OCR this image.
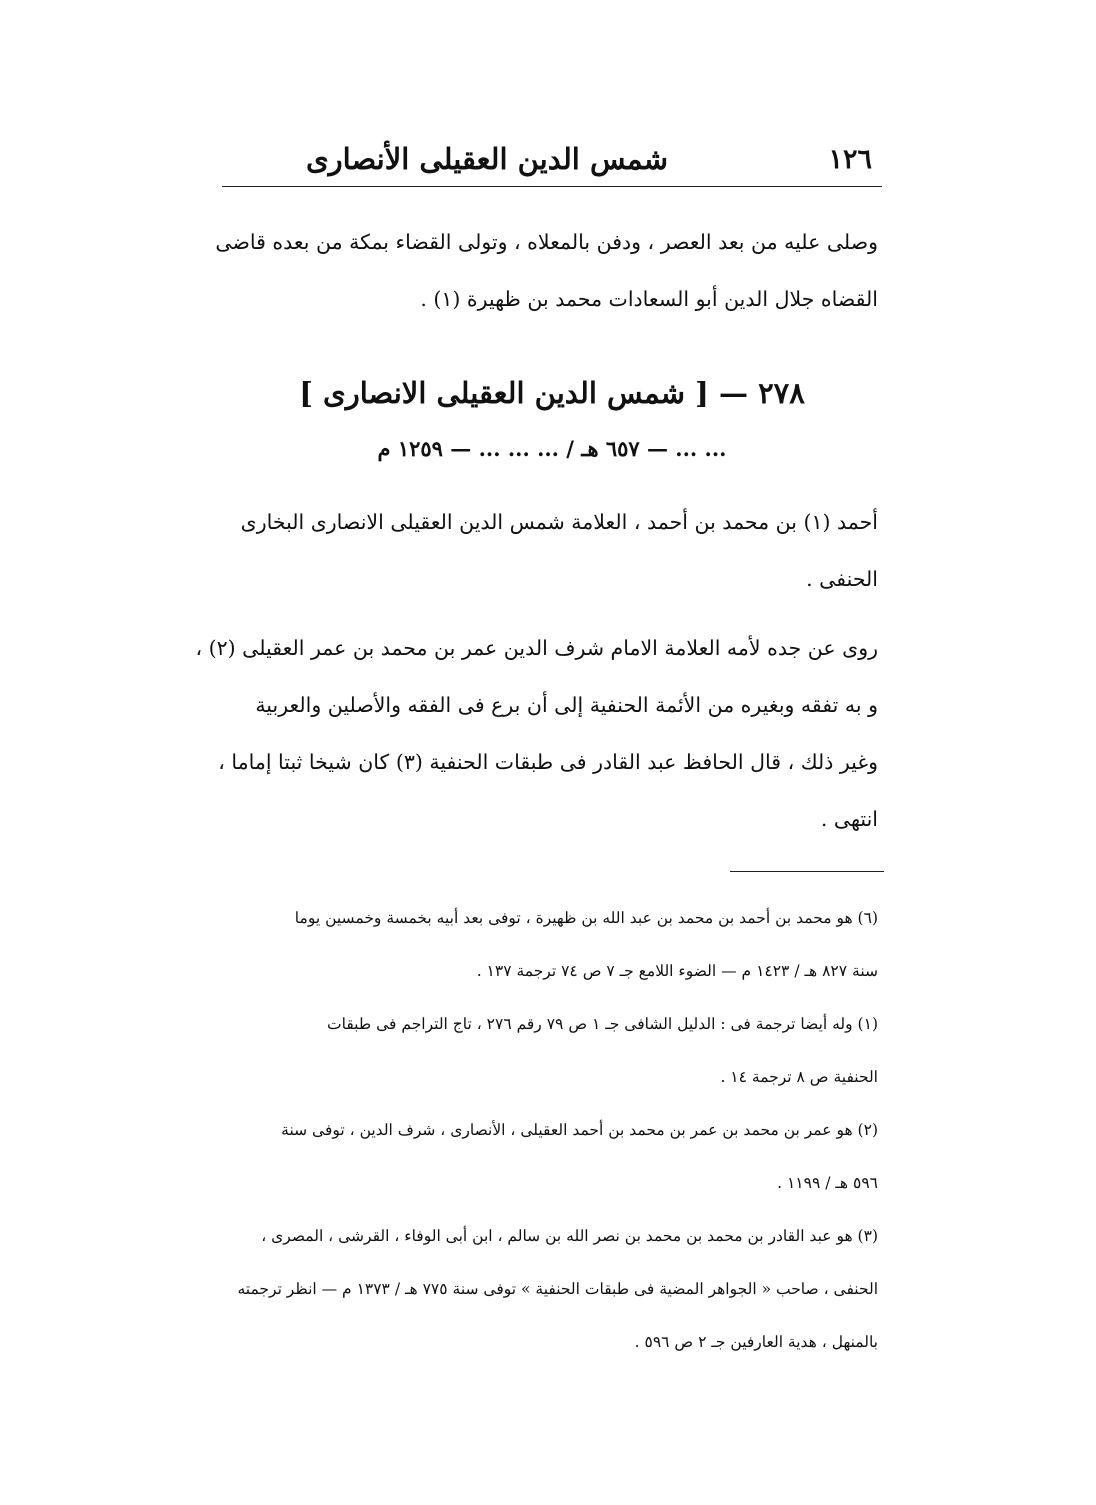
١٢٦
شمس الدين العقيلى الأنصارى
وصلى عليه من بعد العصر ، ودفن بالمعلاه ، وتولى القضاء بمكة من بعده قاضى
القضاه جلال الدين أبو السعادات محمد بن ظهيرة (١) .
٢٧٨ — [ شمس الدين العقيلى الانصارى ]
... ... — ٦٥٧ هـ / ... ... ... — ١٢٥٩ م
أحمد (١) بن محمد بن أحمد ، العلامة شمس الدين العقيلى الانصارى البخارى
الحنفى .
روى عن جده لأمه العلامة الامام شرف الدين عمر بن محمد بن عمر العقيلى (٢) ،
و به تفقه وبغيره من الأئمة الحنفية إلى أن برع فى الفقه والأصلين والعربية
وغير ذلك ، قال الحافظ عبد القادر فى طبقات الحنفية (٣) كان شيخا ثبتا إماما ،
انتهى .
(٦) هو محمد بن أحمد بن محمد بن عبد الله بن ظهيرة ، توفى بعد أبيه بخمسة وخمسين يوما
سنة ٨٢٧ هـ / ١٤٢٣ م — الضوء اللامع جـ ٧ ص ٧٤ ترجمة ١٣٧ .
(١) وله أيضا ترجمة فى : الدليل الشافى جـ ١ ص ٧٩ رقم ٢٧٦ ، تاج التراجم فى طبقات
الحنفية ص ٨ ترجمة ١٤ .
(٢) هو عمر بن محمد بن عمر بن محمد بن أحمد العقيلى ، الأنصارى ، شرف الدين ، توفى سنة
٥٩٦ هـ / ١١٩٩ .
(٣) هو عبد القادر بن محمد بن محمد بن نصر الله بن سالم ، ابن أبى الوفاء ، القرشى ، المصرى ،
الحنفى ، صاحب « الجواهر المضية فى طبقات الحنفية » توفى سنة ٧٧٥ هـ / ١٣٧٣ م — انظر ترجمته
بالمنهل ، هدية العارفين جـ ٢ ص ٥٩٦ .
